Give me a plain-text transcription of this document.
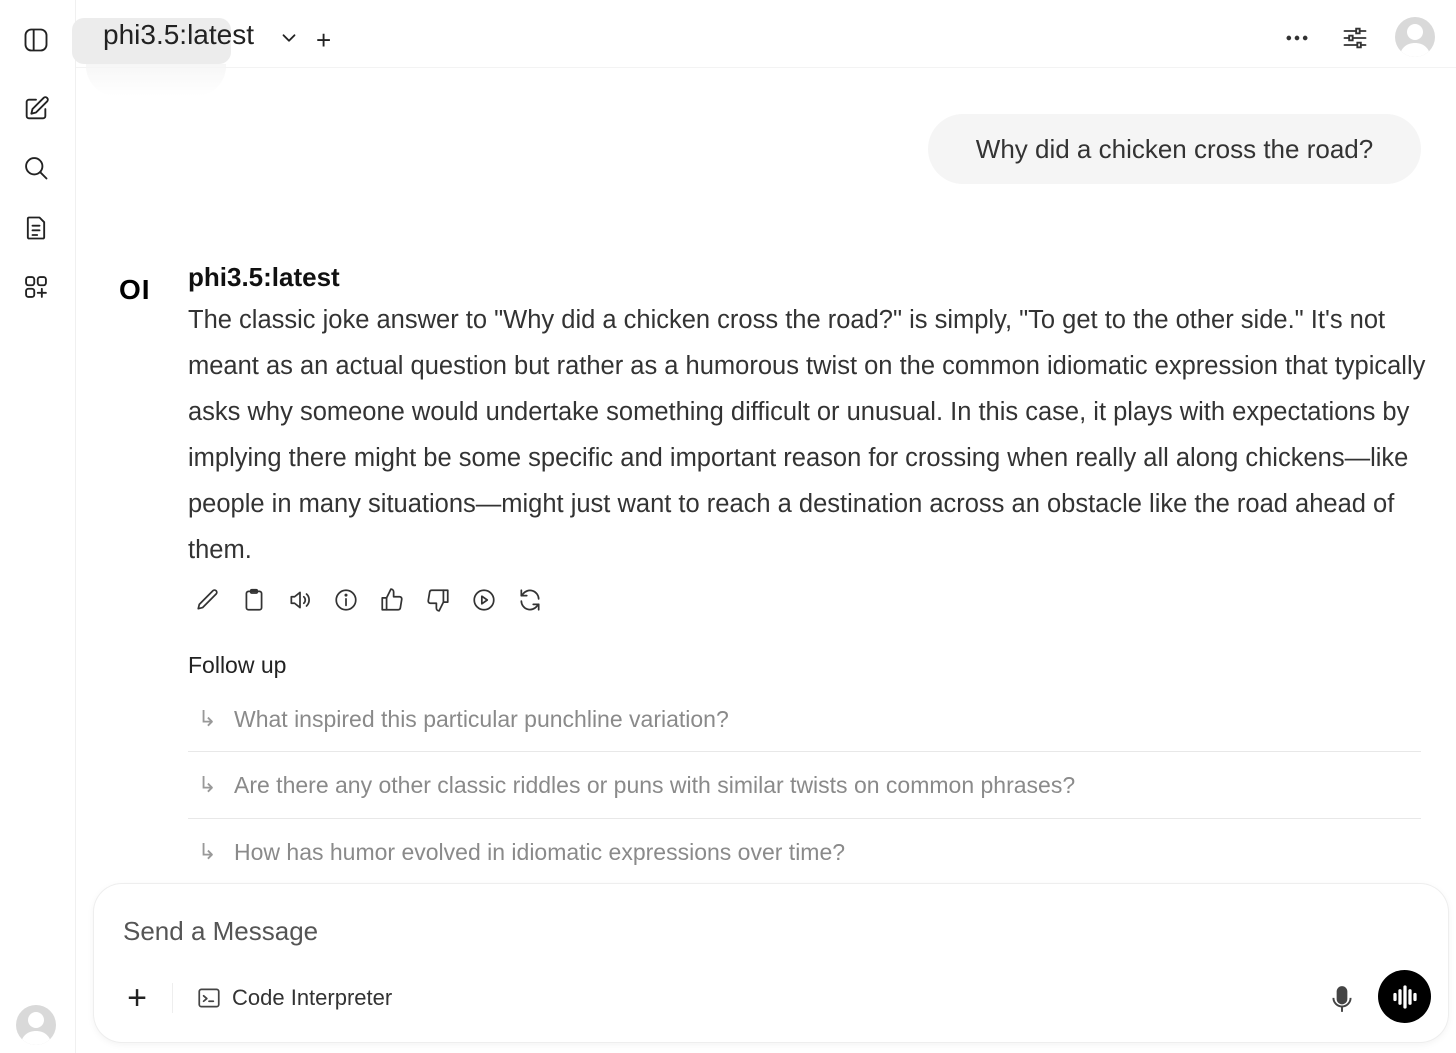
phi3.5:latest +
Why did a chicken cross the road?
OI phi3.5:latest
The classic joke answer to "Why did a chicken cross the road?" is simply, "To get to the other side." It's not meant as an actual question but rather as a humorous twist on the common idiomatic expression that typically asks why someone would undertake something difficult or unusual. In this case, it plays with expectations by implying there might be some specific and important reason for crossing when really all along chickens—like people in many situations—might just want to reach a destination across an obstacle like the road ahead of them.
Follow up
↳ What inspired this particular punchline variation?
↳ Are there any other classic riddles or puns with similar twists on common phrases?
↳ How has humor evolved in idiomatic expressions over time?
Send a Message
+	Code Interpreter
